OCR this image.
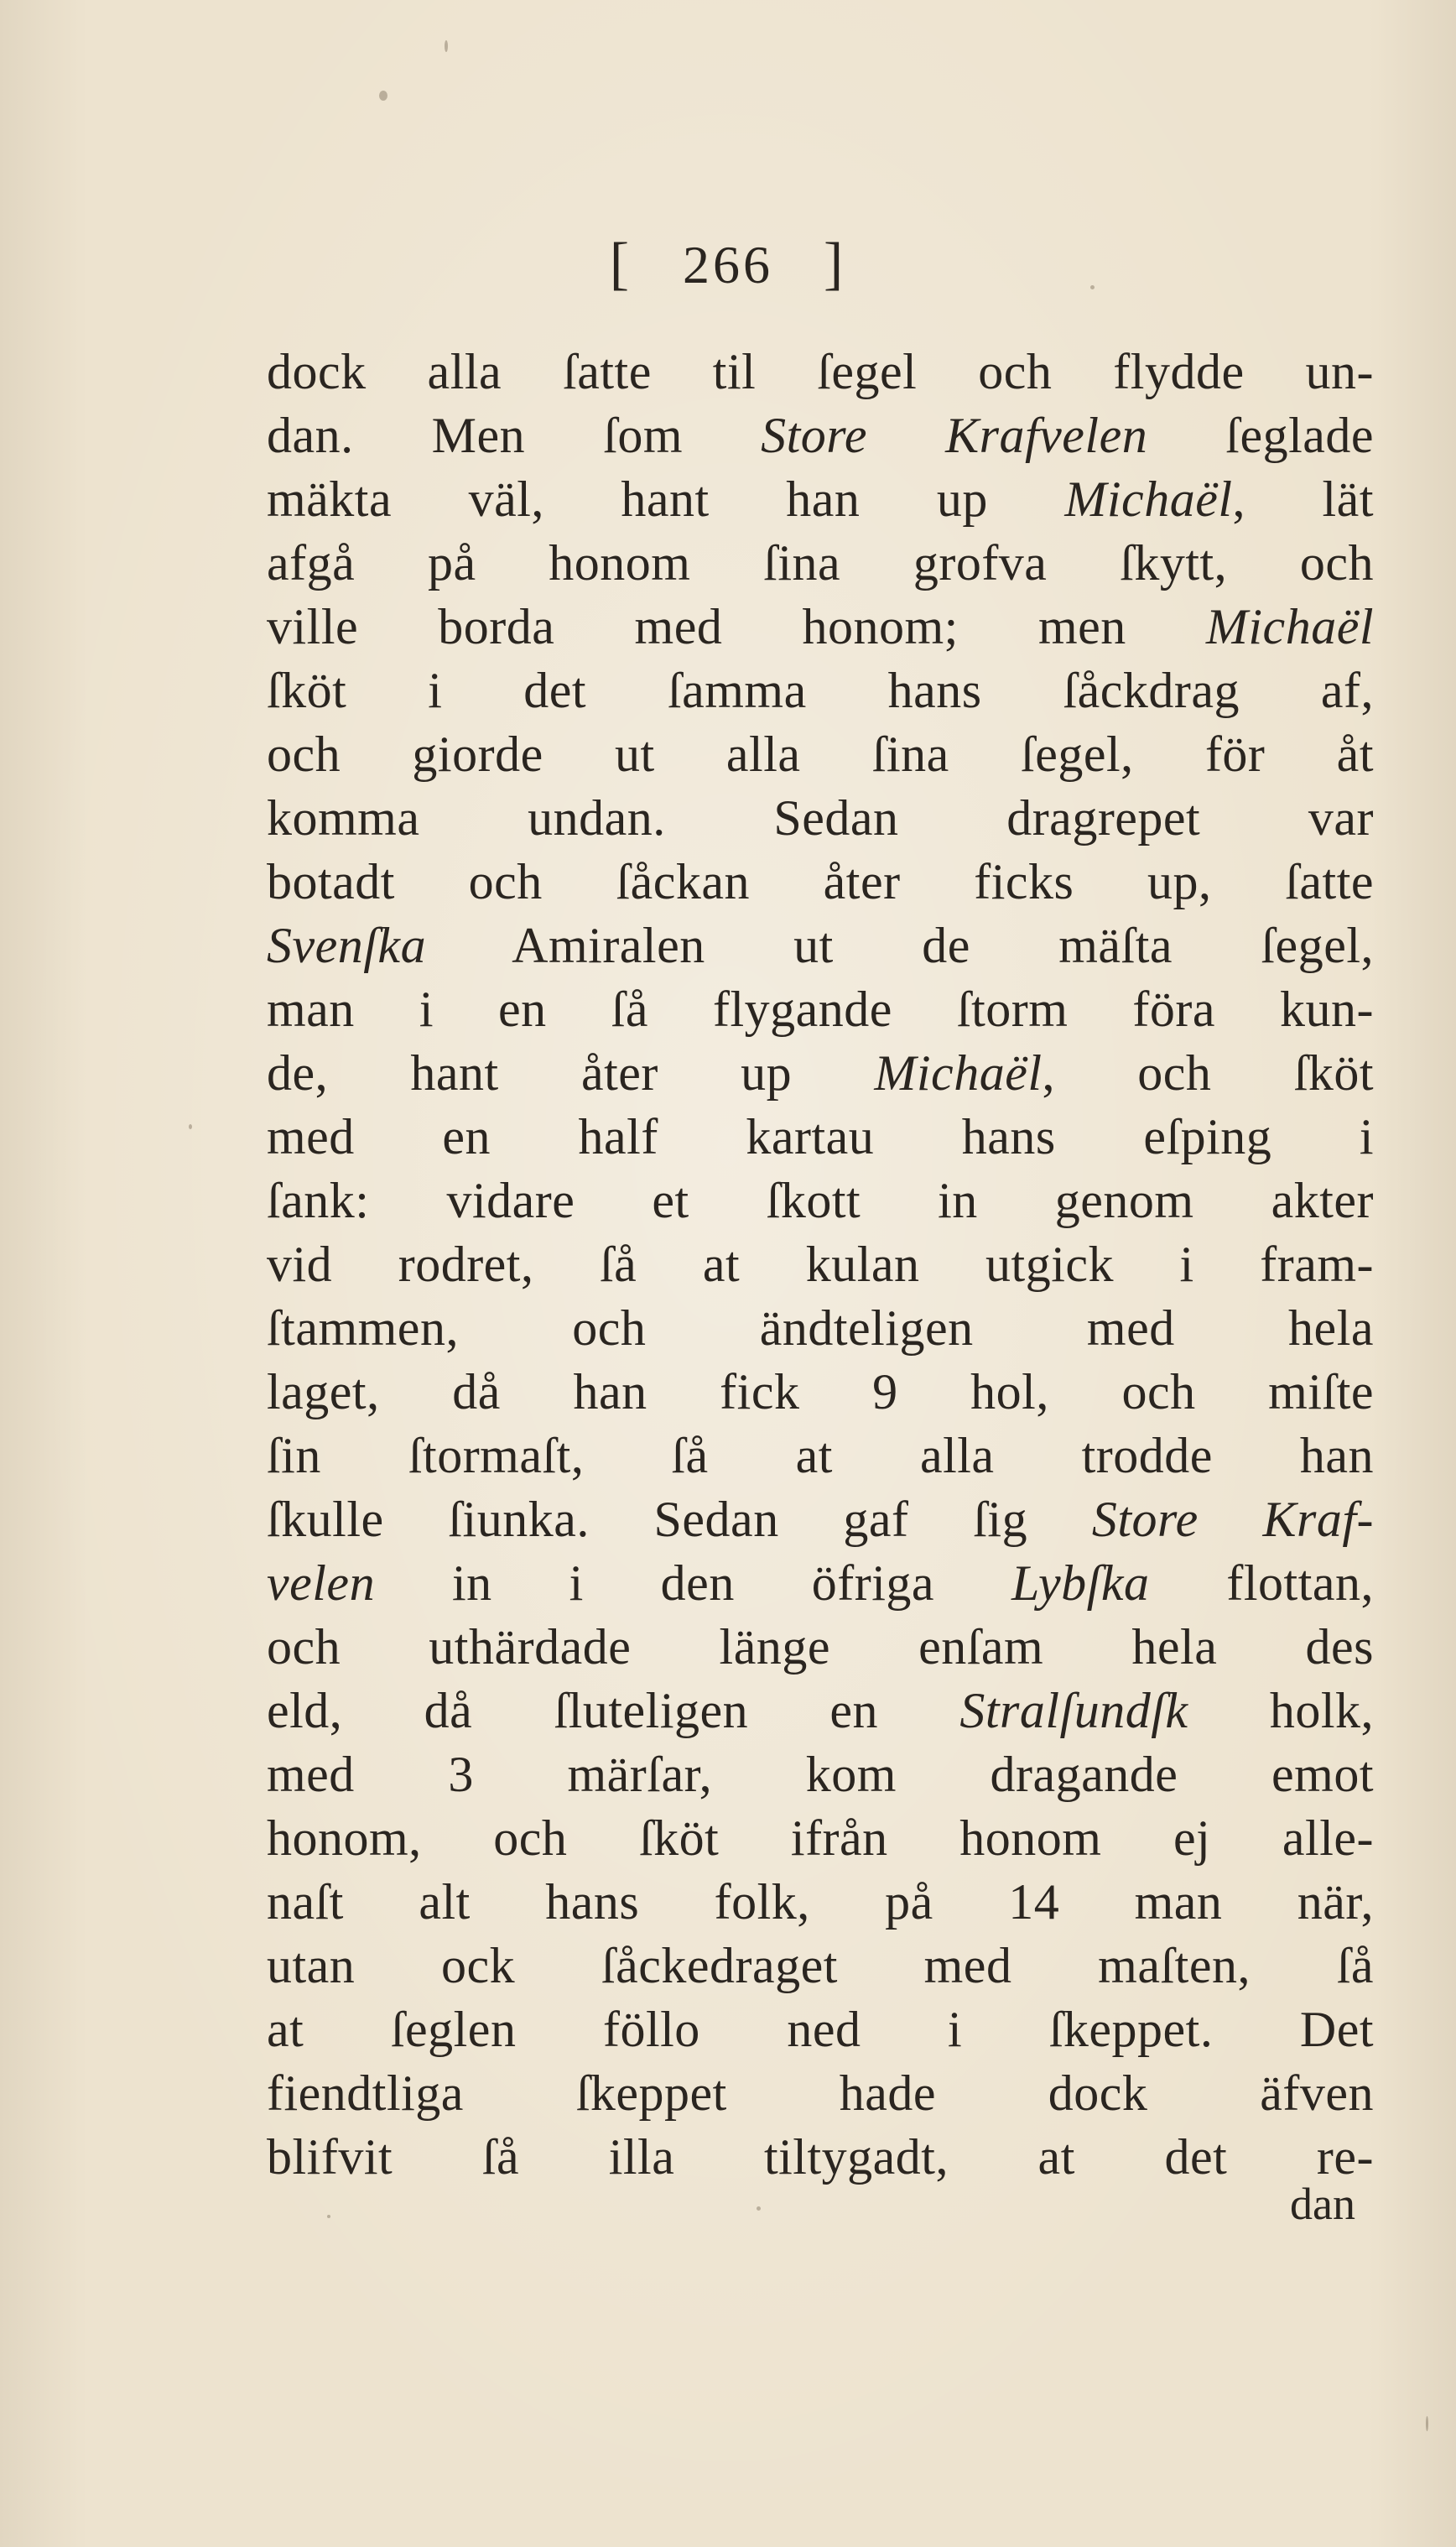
[ 266 ]
dock alla ſatte til ſegel och flydde un-
dan. Men ſom Store Krafvelen ſeglade
mäkta väl, hant han up Michaël, lät
afgå på honom ſina grofva ſkytt, och
ville borda med honom; men Michaël
ſköt i det ſamma hans ſåckdrag af,
och giorde ut alla ſina ſegel, för åt
komma undan. Sedan dragrepet var
botadt och ſåckan åter ficks up, ſatte
Svenſka Amiralen ut de mäſta ſegel,
man i en ſå flygande ſtorm föra kun-
de, hant åter up Michaël, och ſköt
med en half kartau hans eſping i
ſank: vidare et ſkott in genom akter
vid rodret, ſå at kulan utgick i fram-
ſtammen, och ändteligen med hela
laget, då han fick 9 hol, och miſte
ſin ſtormaſt, ſå at alla trodde han
ſkulle ſiunka. Sedan gaf ſig Store Kraf-
velen in i den öfriga Lybſka flottan,
och uthärdade länge enſam hela des
eld, då ſluteligen en Stralſundſk holk,
med 3 märſar, kom dragande emot
honom, och ſköt ifrån honom ej alle-
naſt alt hans folk, på 14 man när,
utan ock ſåckedraget med maſten, ſå
at ſeglen föllo ned i ſkeppet. Det
fiendtliga ſkeppet hade dock äfven
blifvit ſå illa tiltygadt, at det re-
dan
